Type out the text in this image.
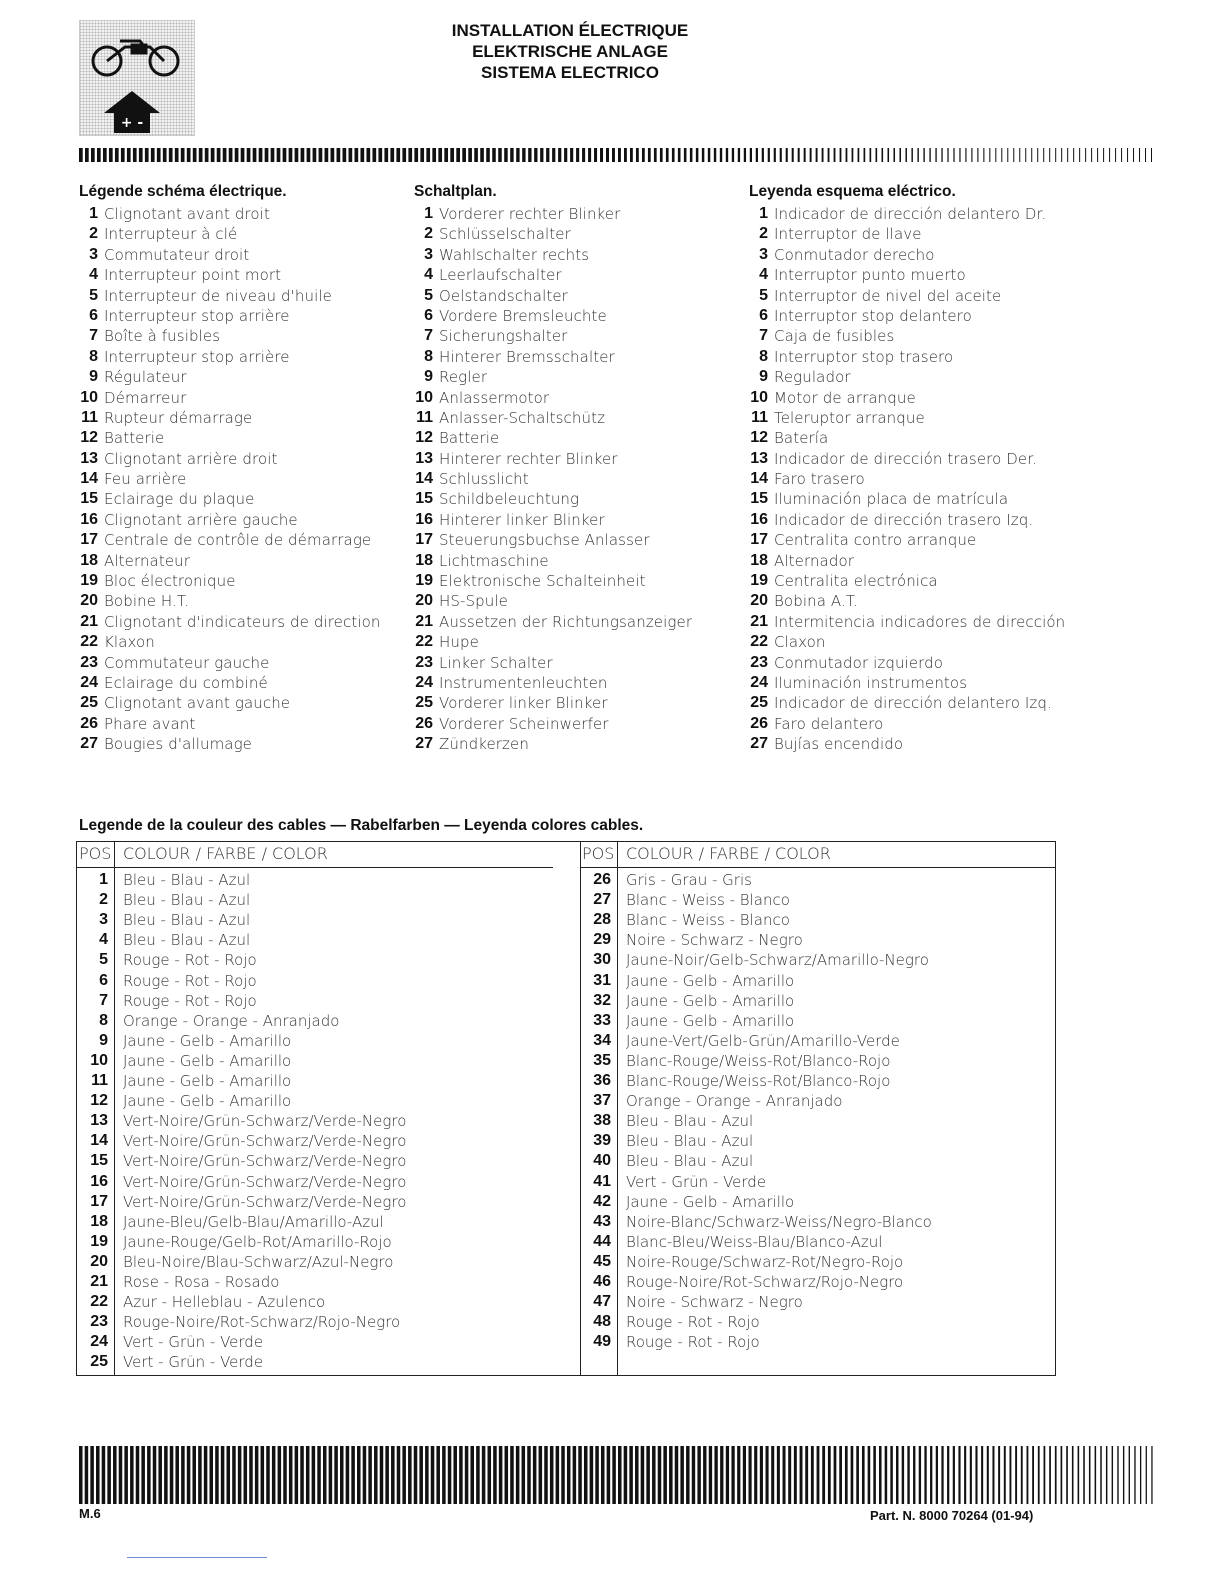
+ -
INSTALLATION ÉLECTRIQUE
ELEKTRISCHE ANLAGE
SISTEMA ELECTRICO
Légende schéma électrique.
1 Clignotant avant droit
2 Interrupteur à clé
3 Commutateur droit
4 Interrupteur point mort
5 Interrupteur de niveau d'huile
6 Interrupteur stop arrière
7 Boîte à fusibles
8 Interrupteur stop arrière
9 Régulateur
10 Démarreur
11 Rupteur démarrage
12 Batterie
13 Clignotant arrière droit
14 Feu arrière
15 Eclairage du plaque
16 Clignotant arrière gauche
17 Centrale de contrôle de démarrage
18 Alternateur
19 Bloc électronique
20 Bobine H.T.
21 Clignotant d'indicateurs de direction
22 Klaxon
23 Commutateur gauche
24 Eclairage du combiné
25 Clignotant avant gauche
26 Phare avant
27 Bougies d'allumage
Schaltplan.
1 Vorderer rechter Blinker
2 Schlüsselschalter
3 Wahlschalter rechts
4 Leerlaufschalter
5 Oelstandschalter
6 Vordere Bremsleuchte
7 Sicherungshalter
8 Hinterer Bremsschalter
9 Regler
10 Anlassermotor
11 Anlasser-Schaltschütz
12 Batterie
13 Hinterer rechter Blinker
14 Schlusslicht
15 Schildbeleuchtung
16 Hinterer linker Blinker
17 Steuerungsbuchse Anlasser
18 Lichtmaschine
19 Elektronische Schalteinheit
20 HS-Spule
21 Aussetzen der Richtungsanzeiger
22 Hupe
23 Linker Schalter
24 Instrumentenleuchten
25 Vorderer linker Blinker
26 Vorderer Scheinwerfer
27 Zündkerzen
Leyenda esquema eléctrico.
1 Indicador de dirección delantero Dr.
2 Interruptor de llave
3 Conmutador derecho
4 Interruptor punto muerto
5 Interruptor de nivel del aceite
6 Interruptor stop delantero
7 Caja de fusibles
8 Interruptor stop trasero
9 Regulador
10 Motor de arranque
11 Teleruptor arranque
12 Batería
13 Indicador de dirección trasero Der.
14 Faro trasero
15 Iluminación placa de matrícula
16 Indicador de dirección trasero Izq.
17 Centralita contro arranque
18 Alternador
19 Centralita electrónica
20 Bobina A.T.
21 Intermitencia indicadores de dirección
22 Claxon
23 Conmutador izquierdo
24 Iluminación instrumentos
25 Indicador de dirección delantero Izq.
26 Faro delantero
27 Bujías encendido
Legende de la couleur des cables — Rabelfarben — Leyenda colores cables.
POS COLOUR / FARBE / COLOR	POS COLOUR / FARBE / COLOR
1 Bleu - Blau - Azul
2 Bleu - Blau - Azul
3 Bleu - Blau - Azul
4 Bleu - Blau - Azul
5 Rouge - Rot - Rojo
6 Rouge - Rot - Rojo
7 Rouge - Rot - Rojo
8 Orange - Orange - Anranjado
9 Jaune - Gelb - Amarillo
10 Jaune - Gelb - Amarillo
11 Jaune - Gelb - Amarillo
12 Jaune - Gelb - Amarillo
13 Vert-Noire/Grün-Schwarz/Verde-Negro
14 Vert-Noire/Grün-Schwarz/Verde-Negro
15 Vert-Noire/Grün-Schwarz/Verde-Negro
16 Vert-Noire/Grün-Schwarz/Verde-Negro
17 Vert-Noire/Grün-Schwarz/Verde-Negro
18 Jaune-Bleu/Gelb-Blau/Amarillo-Azul
19 Jaune-Rouge/Gelb-Rot/Amarillo-Rojo
20 Bleu-Noire/Blau-Schwarz/Azul-Negro
21 Rose - Rosa - Rosado
22 Azur - Helleblau - Azulenco
23 Rouge-Noire/Rot-Schwarz/Rojo-Negro
24 Vert - Grün - Verde
25 Vert - Grün - Verde
26 Gris - Grau - Gris
27 Blanc - Weiss - Blanco
28 Blanc - Weiss - Blanco
29 Noire - Schwarz - Negro
30 Jaune-Noir/Gelb-Schwarz/Amarillo-Negro
31 Jaune - Gelb - Amarillo
32 Jaune - Gelb - Amarillo
33 Jaune - Gelb - Amarillo
34 Jaune-Vert/Gelb-Grün/Amarillo-Verde
35 Blanc-Rouge/Weiss-Rot/Blanco-Rojo
36 Blanc-Rouge/Weiss-Rot/Blanco-Rojo
37 Orange - Orange - Anranjado
38 Bleu - Blau - Azul
39 Bleu - Blau - Azul
40 Bleu - Blau - Azul
41 Vert - Grün - Verde
42 Jaune - Gelb - Amarillo
43 Noire-Blanc/Schwarz-Weiss/Negro-Blanco
44 Blanc-Bleu/Weiss-Blau/Blanco-Azul
45 Noire-Rouge/Schwarz-Rot/Negro-Rojo
46 Rouge-Noire/Rot-Schwarz/Rojo-Negro
47 Noire - Schwarz - Negro
48 Rouge - Rot - Rojo
49 Rouge - Rot - Rojo
M.6	Part. N. 8000 70264 (01-94)
